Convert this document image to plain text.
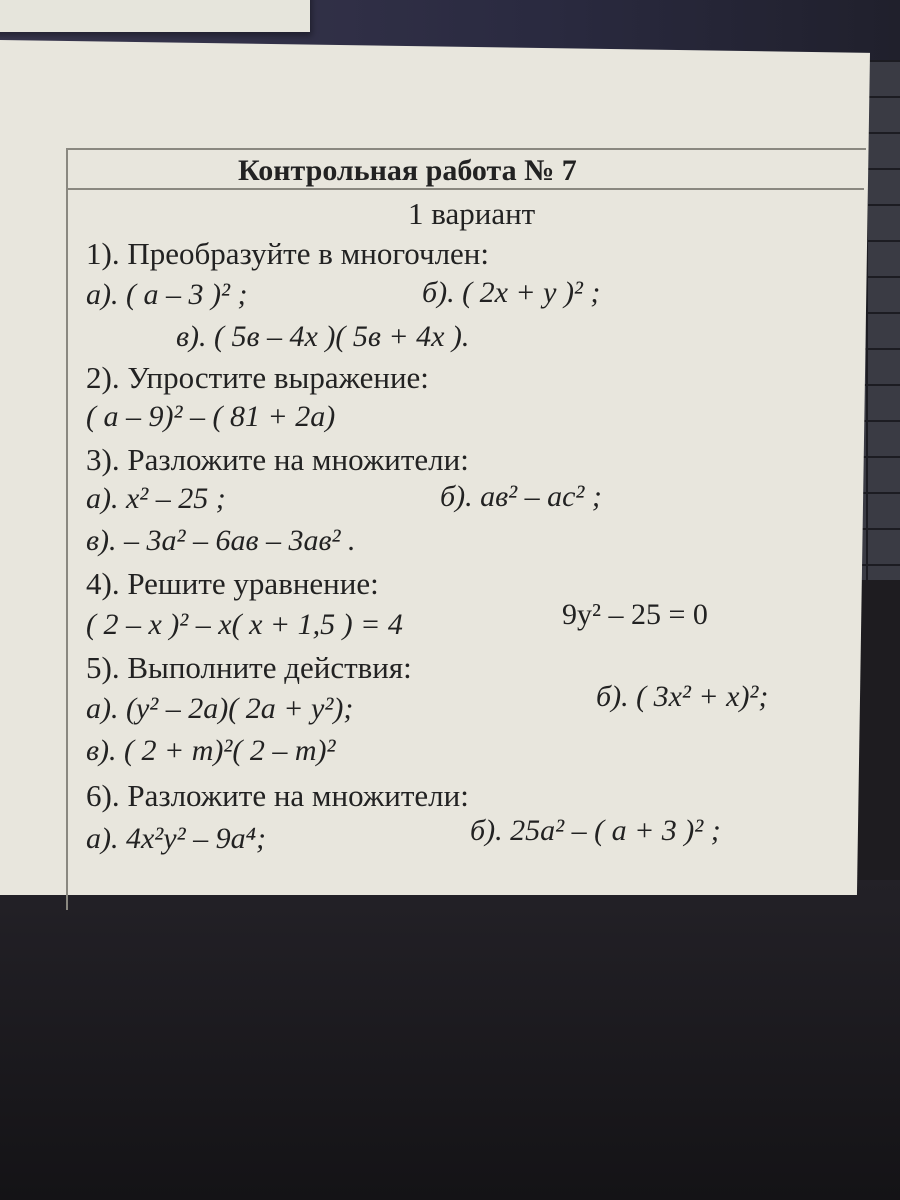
Контрольная работа № 7
1 вариант
1). Преобразуйте в многочлен:
а). ( а – 3 )² ;	б). ( 2х + у )² ;
в). ( 5в – 4х )( 5в + 4х ).
2). Упростите выражение:
( а – 9)² – ( 81 + 2а)
3). Разложите на множители:
а). х² – 25 ;	б). ав² – ас² ;
в). – 3а² – 6ав – 3ав² .
4). Решите уравнение:
( 2 – х )² – х( х + 1,5 ) = 4	9y² – 25 = 0
5). Выполните действия:
а). (у² – 2а)( 2а + у²);	б). ( 3х² + х)²;
в). ( 2 + m)²( 2 – m)²
6). Разложите на множители:
а). 4х²у² – 9а⁴;	б). 25а² – ( а + 3 )² ;
